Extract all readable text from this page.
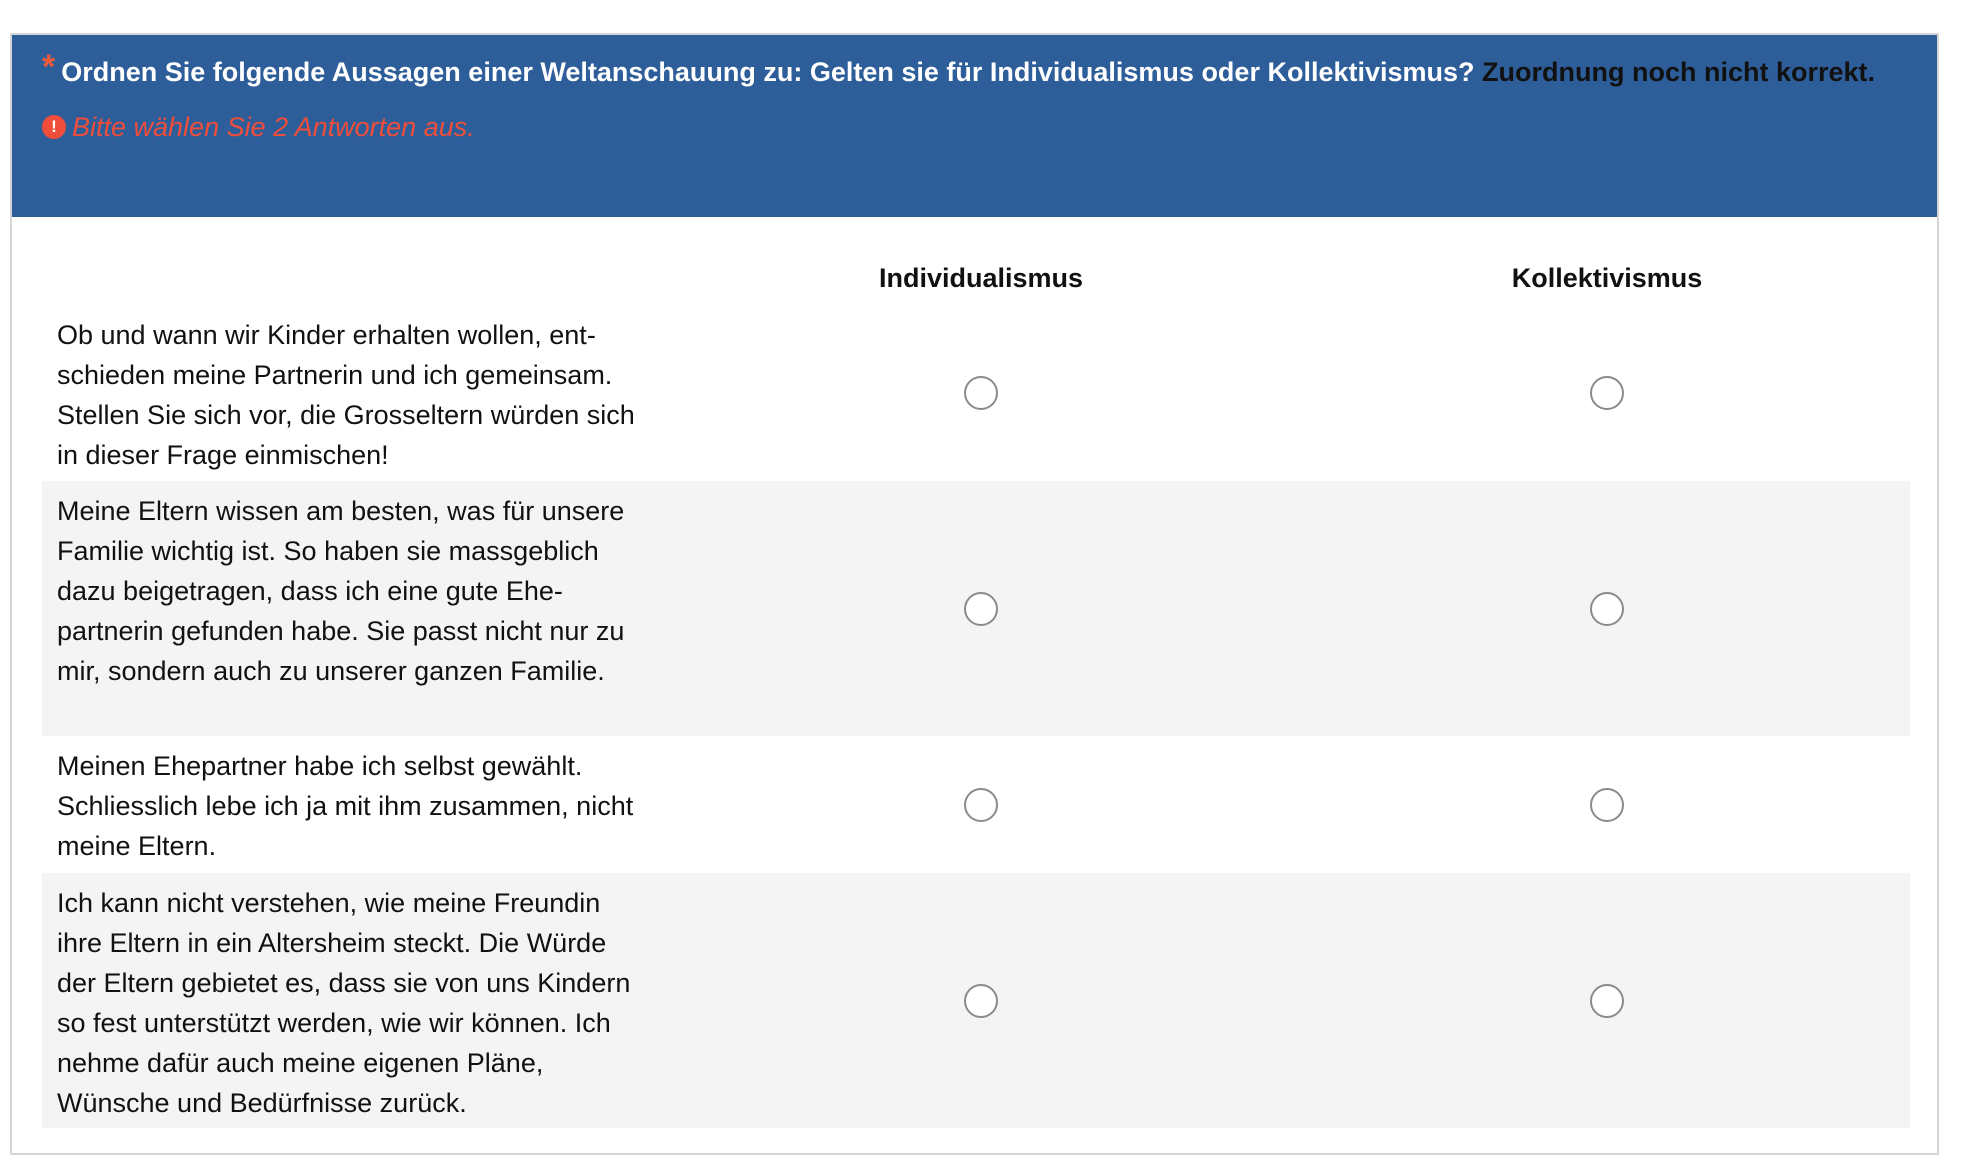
* Ordnen Sie folgende Aussagen einer Weltanschauung zu: Gelten sie für Individualismus oder Kollektivismus? Zuordnung noch nicht korrekt.
! Bitte wählen Sie 2 Antworten aus.
Individualismus	Kollektivismus
Ob und wann wir Kinder erhalten wollen, entschieden meine Partnerin und ich gemeinsam. Stellen Sie sich vor, die Grosseltern würden sich in dieser Frage einmischen!
Meine Eltern wissen am besten, was für unsere Familie wichtig ist. So haben sie massgeblich dazu beigetragen, dass ich eine gute Ehepartnerin gefunden habe. Sie passt nicht nur zu mir, sondern auch zu unserer ganzen Familie.
Meinen Ehepartner habe ich selbst gewählt. Schliesslich lebe ich ja mit ihm zusammen, nicht meine Eltern.
Ich kann nicht verstehen, wie meine Freundin ihre Eltern in ein Altersheim steckt. Die Würde der Eltern gebietet es, dass sie von uns Kindern so fest unterstützt werden, wie wir können. Ich nehme dafür auch meine eigenen Pläne, Wünsche und Bedürfnisse zurück.
